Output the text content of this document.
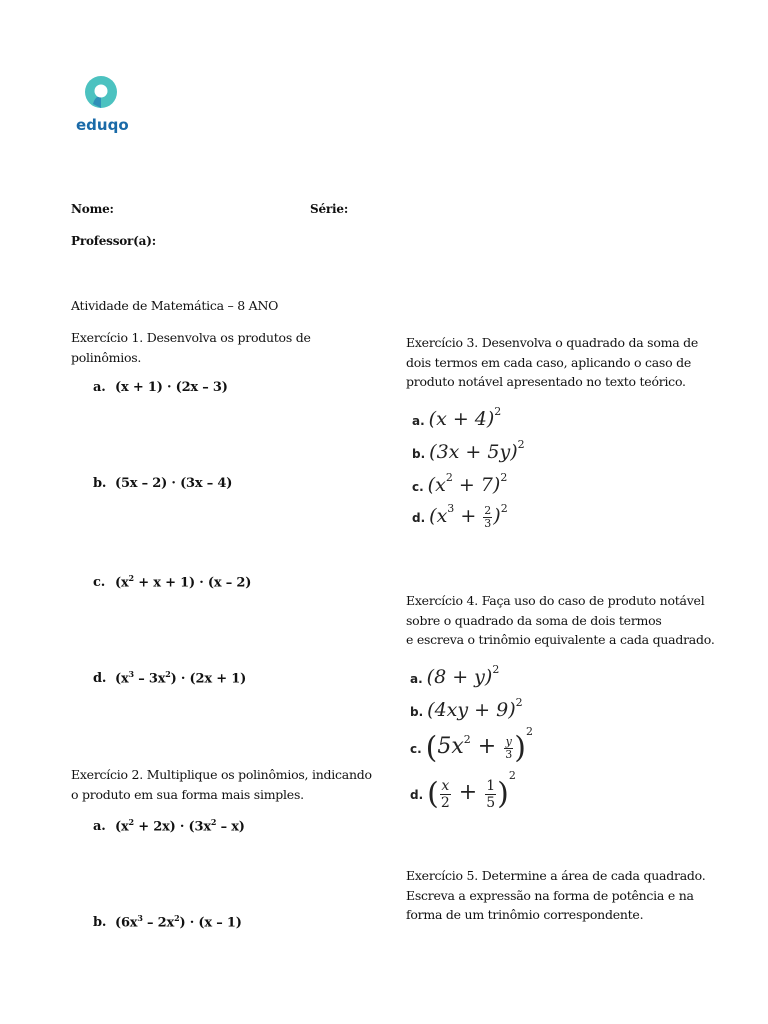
eduqo
Nome:	Série:
Professor(a):
Atividade de Matemática – 8 ANO
Exercício 1. Desenvolva os produtos de
polinômios.
a. (x + 1) · (2x – 3)
b. (5x – 2) · (3x – 4)
c. $(x^2 + x + 1) \cdot (x - 2)$
d. $(x^3 - 3x^2) \cdot (2x + 1)$
Exercício 2. Multiplique os polinômios, indicando
o produto em sua forma mais simples.
a. $(x^2 + 2x) \cdot (3x^2 - x)$
b. $(6x^3 - 2x^2) \cdot (x - 1)$
Exercício 3. Desenvolva o quadrado da soma de
dois termos em cada caso, aplicando o caso de
produto notável apresentado no texto teórico.
a. $(x + 4)^2$
b. $(3x + 5y)^2$
c. $(x^2 + 7)^2$
d. $(x^3 + \frac{2}{3} )^2$
Exercício 4. Faça uso do caso de produto notável
sobre o quadrado da soma de dois termos
e escreva o trinômio equivalente a cada quadrado.
a. $(8 + y)^2$
b. $(4xy + 9)^2$
c. $(5x^2 + \frac{y}{3} )^2$
d. ( $\frac{x}{2} + \frac{1}{5} )^2$
Exercício 5. Determine a área de cada quadrado.
Escreva a expressão na forma de potência e na
forma de um trinômio correspondente.
